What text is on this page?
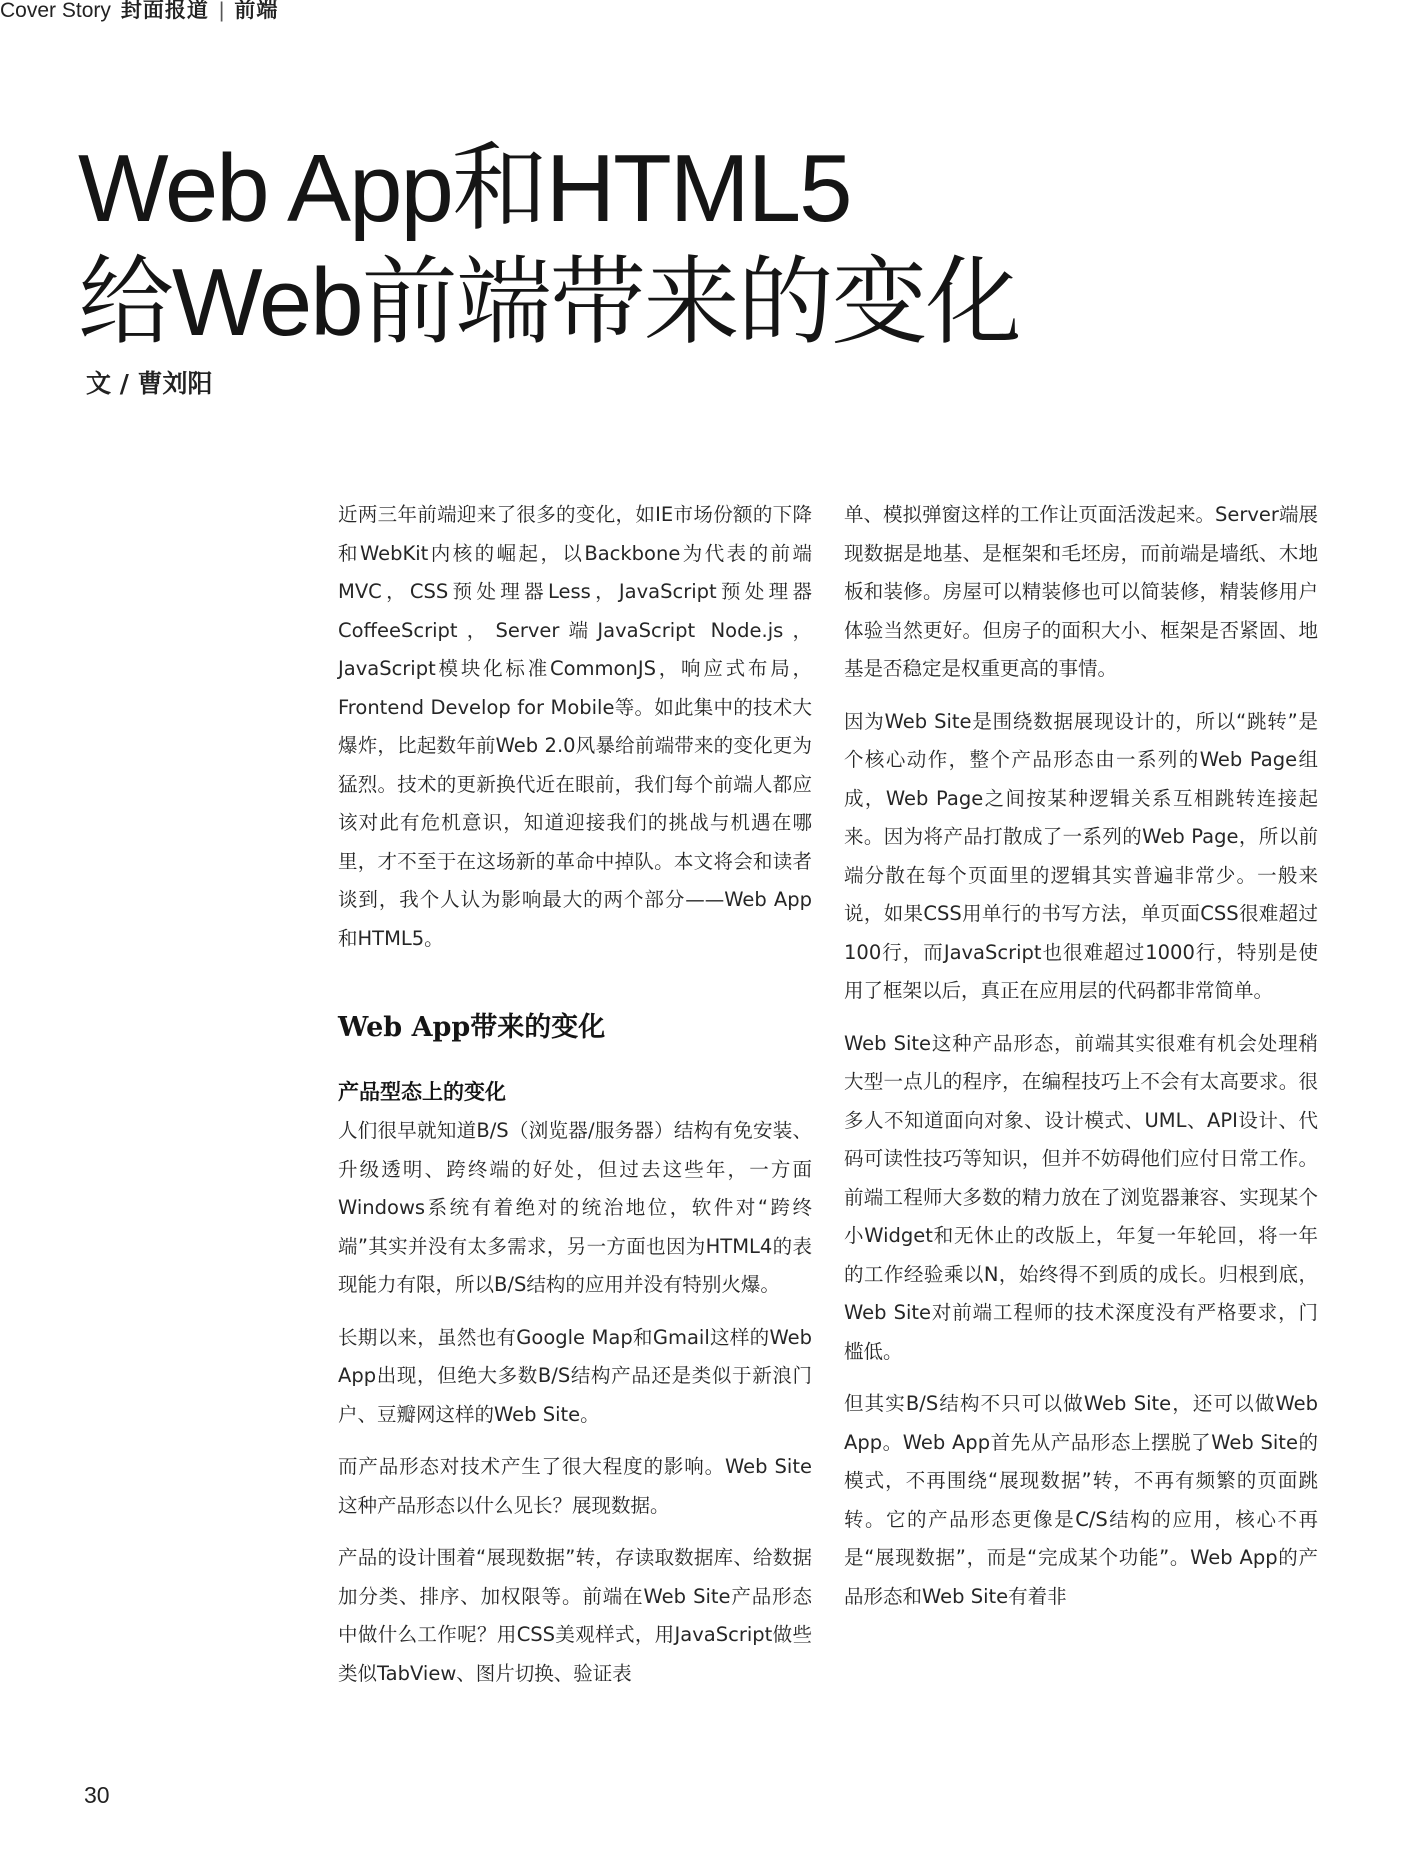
Cover Story 封面报道 | 前端
Web App和HTML5
给Web前端带来的变化
文 / 曹刘阳

近两三年前端迎来了很多的变化，如IE市场份额的下降和WebKit内核的崛起，以Backbone为代表的前端MVC，CSS预处理器Less，JavaScript预处理器CoffeeScript，Server端JavaScript Node.js，JavaScript模块化标准CommonJS，响应式布局，Frontend Develop for Mobile等。如此集中的技术大爆炸，比起数年前Web 2.0风暴给前端带来的变化更为猛烈。技术的更新换代近在眼前，我们每个前端人都应该对此有危机意识，知道迎接我们的挑战与机遇在哪里，才不至于在这场新的革命中掉队。本文将会和读者谈到，我个人认为影响最大的两个部分——Web App和HTML5。

Web App带来的变化
产品型态上的变化

人们很早就知道B/S（浏览器/服务器）结构有免安装、升级透明、跨终端的好处，但过去这些年，一方面Windows系统有着绝对的统治地位，软件对“跨终端”其实并没有太多需求，另一方面也因为HTML4的表现能力有限，所以B/S结构的应用并没有特别火爆。

长期以来，虽然也有Google Map和Gmail这样的Web App出现，但绝大多数B/S结构产品还是类似于新浪门户、豆瓣网这样的Web Site。

而产品形态对技术产生了很大程度的影响。Web Site这种产品形态以什么见长？展现数据。

产品的设计围着“展现数据”转，存读取数据库、给数据加分类、排序、加权限等。前端在Web Site产品形态中做什么工作呢？用CSS美观样式，用JavaScript做些类似TabView、图片切换、验证表

单、模拟弹窗这样的工作让页面活泼起来。Server端展现数据是地基、是框架和毛坯房，而前端是墙纸、木地板和装修。房屋可以精装修也可以简装修，精装修用户体验当然更好。但房子的面积大小、框架是否紧固、地基是否稳定是权重更高的事情。

因为Web Site是围绕数据展现设计的，所以“跳转”是个核心动作，整个产品形态由一系列的Web Page组成，Web Page之间按某种逻辑关系互相跳转连接起来。因为将产品打散成了一系列的Web Page，所以前端分散在每个页面里的逻辑其实普遍非常少。一般来说，如果CSS用单行的书写方法，单页面CSS很难超过100行，而JavaScript也很难超过1000行，特别是使用了框架以后，真正在应用层的代码都非常简单。

Web Site这种产品形态，前端其实很难有机会处理稍大型一点儿的程序，在编程技巧上不会有太高要求。很多人不知道面向对象、设计模式、UML、API设计、代码可读性技巧等知识，但并不妨碍他们应付日常工作。前端工程师大多数的精力放在了浏览器兼容、实现某个小Widget和无休止的改版上，年复一年轮回，将一年的工作经验乘以N，始终得不到质的成长。归根到底，Web Site对前端工程师的技术深度没有严格要求，门槛低。

但其实B/S结构不只可以做Web Site，还可以做Web App。Web App首先从产品形态上摆脱了Web Site的模式，不再围绕“展现数据”转，不再有频繁的页面跳转。它的产品形态更像是C/S结构的应用，核心不再是“展现数据”，而是“完成某个功能”。Web App的产品形态和Web Site有着非

30
